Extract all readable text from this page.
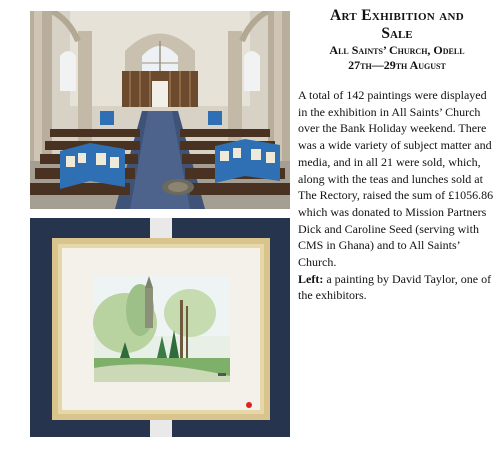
Art Exhibition and
Sale
All Saints’ Church, Odell
27th—29th August
A total of 142 paintings were displayed in the exhibition in All Saints’ Church over the Bank Holiday weekend. There was a wide variety of subject matter and media, and in all 21 were sold, which, along with the teas and lunches sold at The Rectory, raised the sum of £1056.86 which was donated to Mission Partners Dick and Caroline Seed (serving with CMS in Ghana) and to All Saints’ Church.
Left: a painting by David Taylor, one of the exhibitors.
